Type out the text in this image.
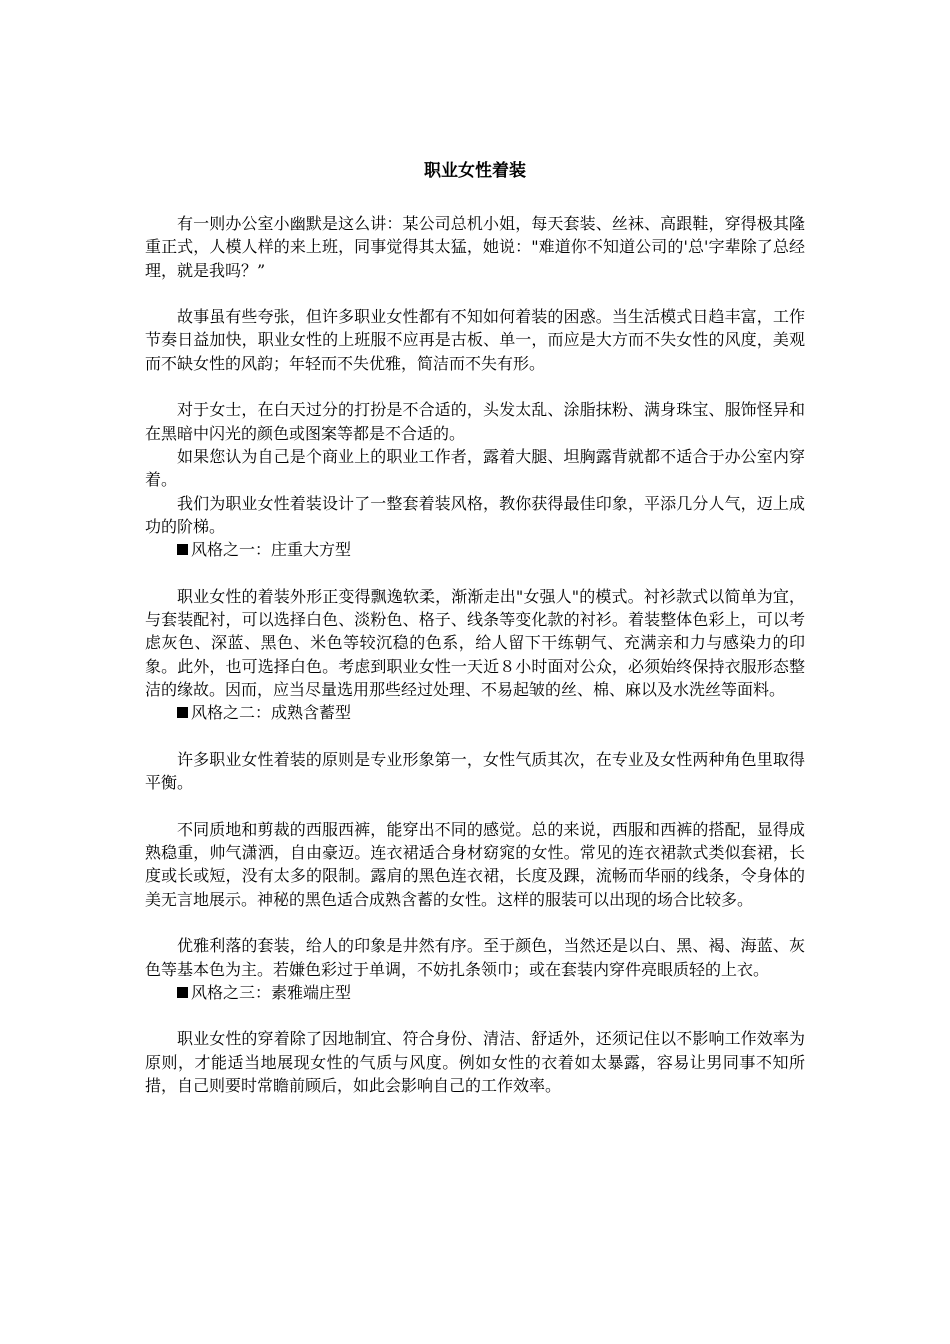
职业女性着装

有一则办公室小幽默是这么讲：某公司总机小姐，每天套装、丝袜、高跟鞋，穿得极其隆重正式，人模人样的来上班，同事觉得其太猛，她说："难道你不知道公司的'总'字辈除了总经理，就是我吗？”

故事虽有些夸张，但许多职业女性都有不知如何着装的困惑。当生活模式日趋丰富，工作节奏日益加快，职业女性的上班服不应再是古板、单一，而应是大方而不失女性的风度，美观而不缺女性的风韵；年轻而不失优雅，简洁而不失有形。

对于女士，在白天过分的打扮是不合适的，头发太乱、涂脂抹粉、满身珠宝、服饰怪异和在黑暗中闪光的颜色或图案等都是不合适的。

如果您认为自己是个商业上的职业工作者，露着大腿、坦胸露背就都不适合于办公室内穿着。

我们为职业女性着装设计了一整套着装风格，教你获得最佳印象，平添几分人气，迈上成功的阶梯。

风格之一：庄重大方型

职业女性的着装外形正变得飘逸软柔，渐渐走出"女强人"的模式。衬衫款式以简单为宜，与套装配衬，可以选择白色、淡粉色、格子、线条等变化款的衬衫。着装整体色彩上，可以考虑灰色、深蓝、黑色、米色等较沉稳的色系，给人留下干练朝气、充满亲和力与感染力的印象。此外，也可选择白色。考虑到职业女性一天近８小时面对公众，必须始终保持衣服形态整洁的缘故。因而，应当尽量选用那些经过处理、不易起皱的丝、棉、麻以及水洗丝等面料。

风格之二：成熟含蓄型

许多职业女性着装的原则是专业形象第一，女性气质其次，在专业及女性两种角色里取得平衡。

不同质地和剪裁的西服西裤，能穿出不同的感觉。总的来说，西服和西裤的搭配，显得成熟稳重，帅气潇洒，自由豪迈。连衣裙适合身材窈窕的女性。常见的连衣裙款式类似套裙，长度或长或短，没有太多的限制。露肩的黑色连衣裙，长度及踝，流畅而华丽的线条，令身体的美无言地展示。神秘的黑色适合成熟含蓄的女性。这样的服装可以出现的场合比较多。

优雅利落的套装，给人的印象是井然有序。至于颜色，当然还是以白、黑、褐、海蓝、灰色等基本色为主。若嫌色彩过于单调，不妨扎条领巾；或在套装内穿件亮眼质轻的上衣。

风格之三：素雅端庄型

职业女性的穿着除了因地制宜、符合身份、清洁、舒适外，还须记住以不影响工作效率为原则，才能适当地展现女性的气质与风度。例如女性的衣着如太暴露，容易让男同事不知所措，自己则要时常瞻前顾后，如此会影响自己的工作效率。
